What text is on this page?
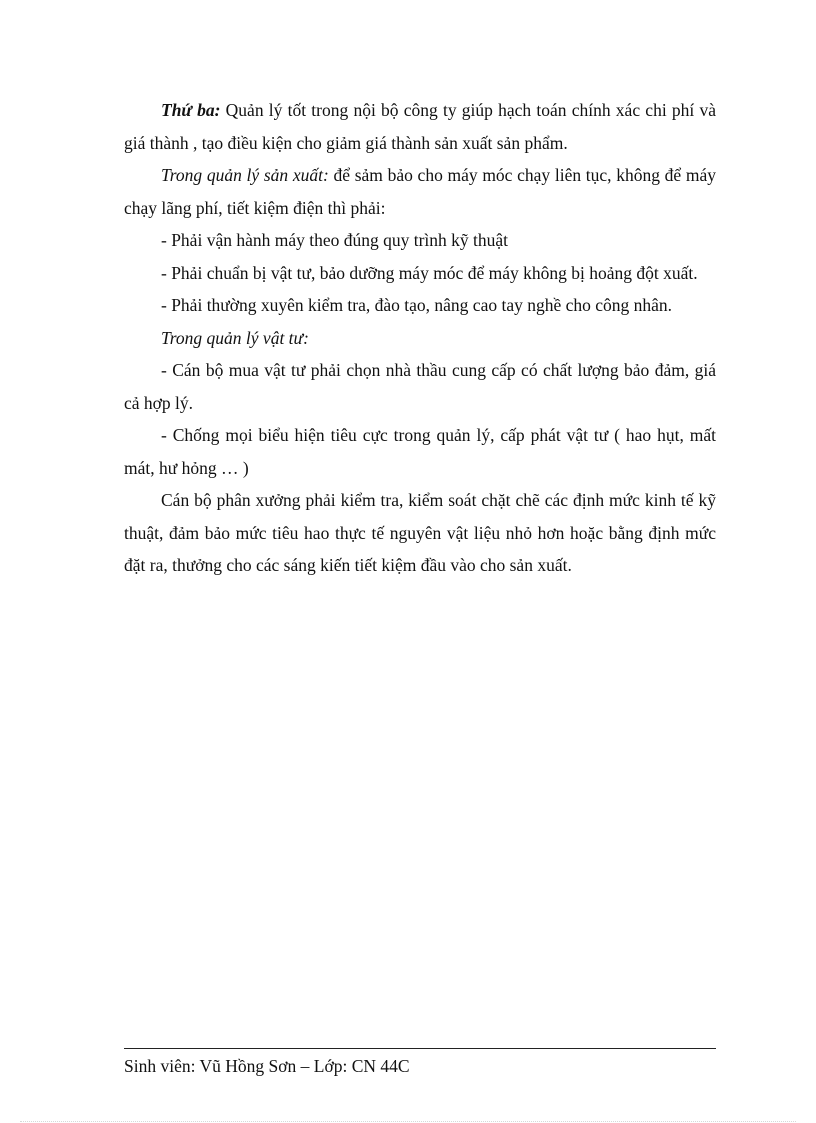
Thứ ba: Quản lý tốt trong nội bộ công ty giúp hạch toán chính xác chi phí và giá thành , tạo điều kiện cho giảm giá thành sản xuất sản phẩm.

Trong quản lý sản xuất: để sảm bảo cho máy móc chạy liên tục, không để máy chạy lãng phí, tiết kiệm điện thì phải:

- Phải vận hành máy theo đúng quy trình kỹ thuật

- Phải chuẩn bị vật tư, bảo dưỡng máy móc để máy không bị hoảng đột xuất.

- Phải thường xuyên kiểm tra, đào tạo, nâng cao tay nghề cho công nhân.

Trong quản lý vật tư:

- Cán bộ mua vật tư phải chọn nhà thầu cung cấp có chất lượng bảo đảm, giá cả hợp lý.

- Chống mọi biểu hiện tiêu cực trong quản lý, cấp phát vật tư ( hao hụt, mất mát, hư hỏng … )

Cán bộ phân xưởng phải kiểm tra, kiểm soát chặt chẽ các định mức kinh tế kỹ thuật, đảm bảo mức tiêu hao thực tế nguyên vật liệu nhỏ hơn hoặc bằng định mức đặt ra, thưởng cho các sáng kiến tiết kiệm đầu vào cho sản xuất.

Sinh viên: Vũ Hồng Sơn – Lớp: CN 44C
